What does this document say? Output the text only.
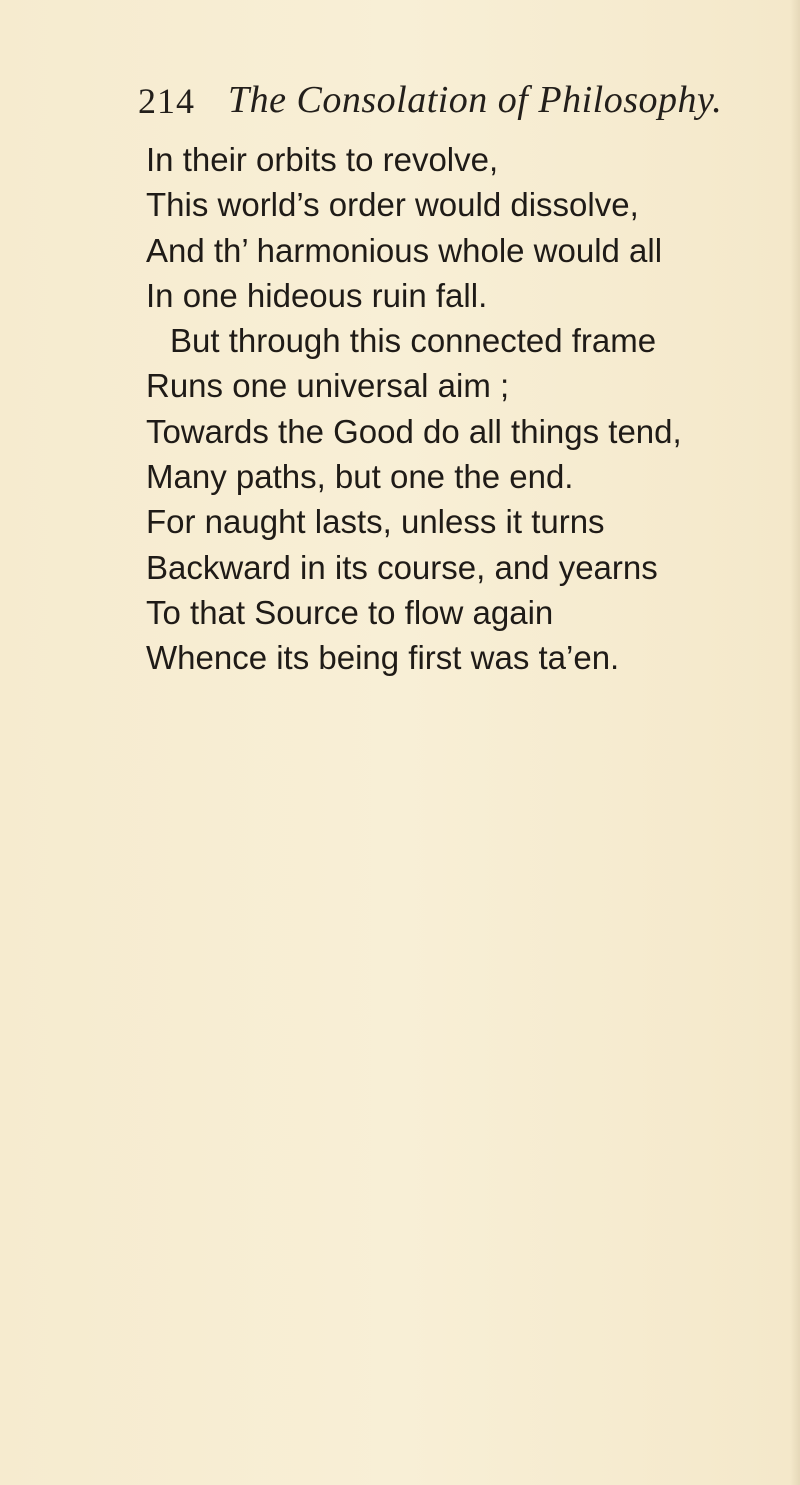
214 The Consolation of Philosophy.
In their orbits to revolve,
This world’s order would dissolve,
And th’ harmonious whole would all
In one hideous ruin fall.
But through this connected frame
Runs one universal aim ;
Towards the Good do all things tend,
Many paths, but one the end.
For naught lasts, unless it turns
Backward in its course, and yearns
To that Source to flow again
Whence its being first was ta’en.
